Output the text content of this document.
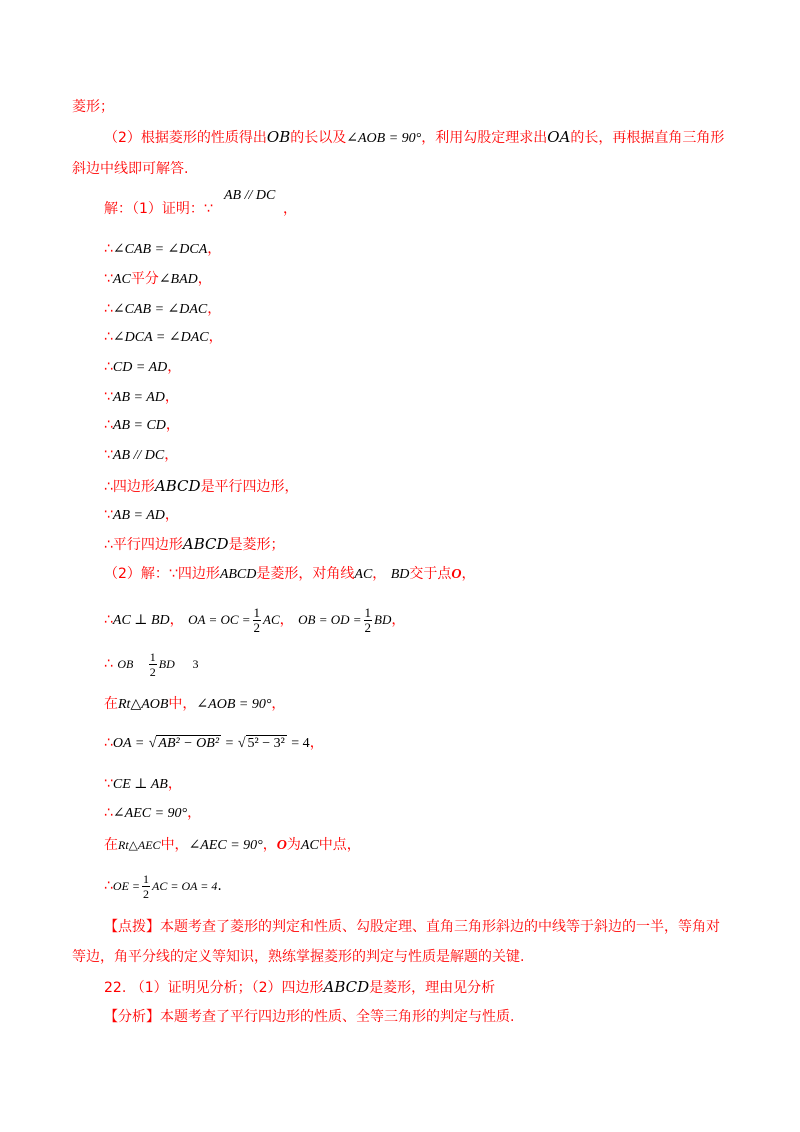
菱形；
（2）根据菱形的性质得出OB的长以及∠AOB = 90°，利用勾股定理求出OA的长，再根据直角三角形
斜边中线即可解答.
解：（1）证明：∵
AB // DC
，
∴∠CAB = ∠DCA，
∵AC平分∠BAD，
∴∠CAB = ∠DAC，
∴∠DCA = ∠DAC，
∴CD = AD，
∵AB = AD，
∴AB = CD，
∵AB // DC，
∴四边形ABCD是平行四边形，
∵AB = AD，
∴平行四边形ABCD是菱形；
（2）解：∵四边形ABCD是菱形，对角线AC， BD交于点O，
∴AC ⊥ BD， OA = OC = $\frac{1}{2}$ AC， OB = OD = $\frac{1}{2}$ BD，
∴ OB $\frac{1}{2}$ BD 3
在Rt△AOB中，∠AOB = 90°，
∴OA = √ AB² − OB² = √ 5² − 3² = 4，
∵CE ⊥ AB，
∴∠AEC = 90°，
在Rt△AEC中，∠AEC = 90°，O为AC中点，
∴OE = $\frac{1}{2}$ AC = OA = 4.
【点拨】本题考查了菱形的判定和性质、勾股定理、直角三角形斜边的中线等于斜边的一半，等角对
等边，角平分线的定义等知识，熟练掌握菱形的判定与性质是解题的关键.
22. （1）证明见分析；（2）四边形ABCD是菱形，理由见分析
【分析】本题考查了平行四边形的性质、全等三角形的判定与性质.
